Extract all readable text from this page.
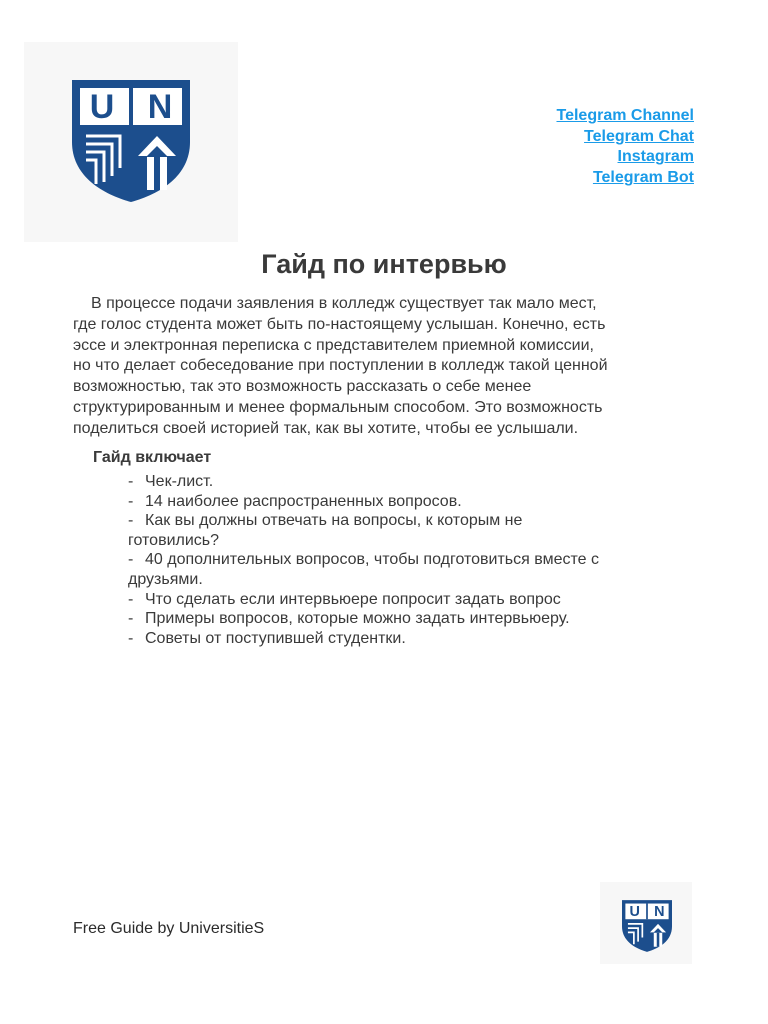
U N	Telegram Channel
Telegram Chat
Instagram
Telegram Bot
Гайд по интервью

В процессе подачи заявления в колледж существует так мало мест,
где голос студента может быть по-настоящему услышан. Конечно, есть
эссе и электронная переписка с представителем приемной комиссии,
но что делает собеседование при поступлении в колледж такой ценной
возможностью, так это возможность рассказать о себе менее
структурированным и менее формальным способом. Это возможность
поделиться своей историей так, как вы хотите, чтобы ее услышали.

Гайд включает
- Чек-лист.
- 14 наиболее распространенных вопросов.
- Как вы должны отвечать на вопросы, к которым не
готовились?
- 40 дополнительных вопросов, чтобы подготовиться вместе с
друзьями.
- Что сделать если интервьюере попросит задать вопрос
- Примеры вопросов, которые можно задать интервьюеру.
- Советы от поступившей студентки.
Free Guide by UniversitieS
U N
